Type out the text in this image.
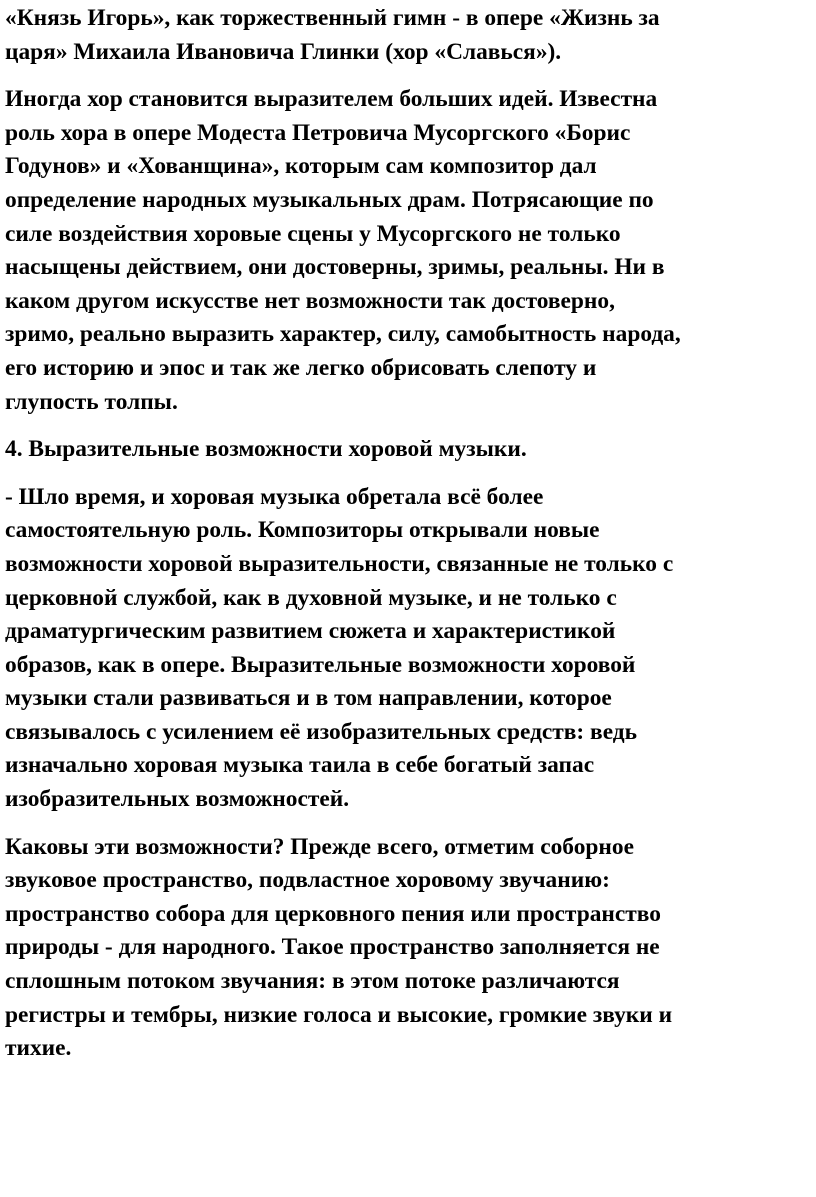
«Князь Игорь», как торжественный гимн - в опере «Жизнь за
царя» Михаила Ивановича Глинки (хор «Славься»).

Иногда хор становится выразителем больших идей. Известна
роль хора в опере Модеста Петровича Мусоргского «Борис
Годунов» и «Хованщина», которым сам композитор дал
определение народных музыкальных драм. Потрясающие по
силе воздействия хоровые сцены у Мусоргского не только
насыщены действием, они достоверны, зримы, реальны. Ни в
каком другом искусстве нет возможности так достоверно,
зримо, реально выразить характер, силу, самобытность народа,
его историю и эпос и так же легко обрисовать слепоту и
глупость толпы.

4. Выразительные возможности хоровой музыки.

- Шло время, и хоровая музыка обретала всё более
самостоятельную роль. Композиторы открывали новые
возможности хоровой выразительности, связанные не только с
церковной службой, как в духовной музыке, и не только с
драматургическим развитием сюжета и характеристикой
образов, как в опере. Выразительные возможности хоровой
музыки стали развиваться и в том направлении, которое
связывалось с усилением её изобразительных средств: ведь
изначально хоровая музыка таила в себе богатый запас
изобразительных возможностей.

Каковы эти возможности? Прежде всего, отметим соборное
звуковое пространство, подвластное хоровому звучанию:
пространство собора для церковного пения или пространство
природы - для народного. Такое пространство заполняется не
сплошным потоком звучания: в этом потоке различаются
регистры и тембры, низкие голоса и высокие, громкие звуки и
тихие.
